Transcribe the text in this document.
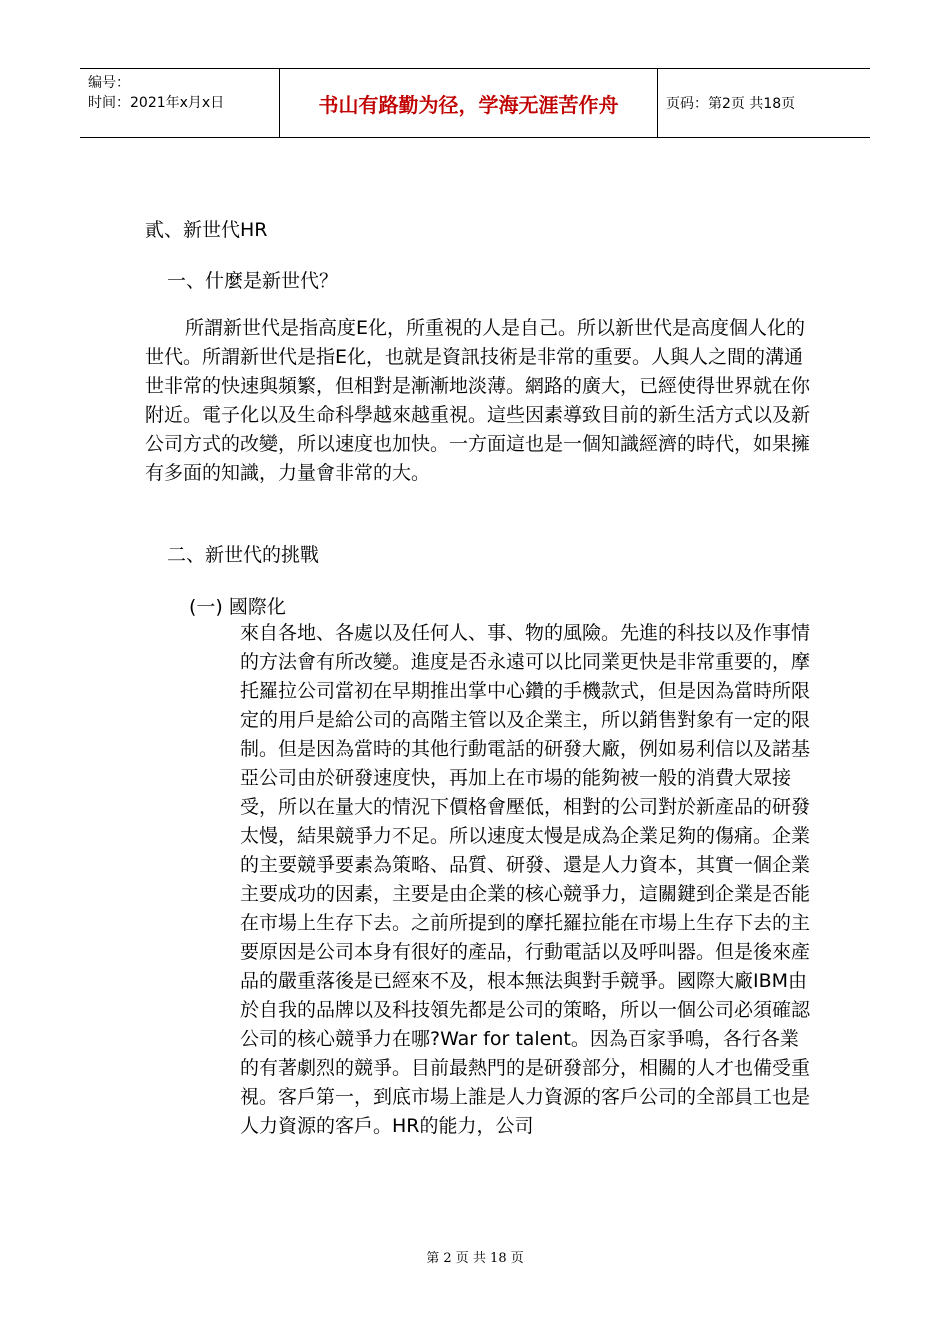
编号：
时间：2021年x月x日	书山有路勤为径，学海无涯苦作舟	页码：第2页 共18页
貳、新世代HR
一、什麼是新世代？

所謂新世代是指高度E化，所重視的人是自己。所以新世代是高度個人化的世代。所謂新世代是指E化，也就是資訊技術是非常的重要。人與人之間的溝通世非常的快速與頻繁，但相對是漸漸地淡薄。網路的廣大，已經使得世界就在你附近。電子化以及生命科學越來越重視。這些因素導致目前的新生活方式以及新公司方式的改變，所以速度也加快。一方面這也是一個知識經濟的時代，如果擁有多面的知識，力量會非常的大。

二、新世代的挑戰
(一) 國際化

來自各地、各處以及任何人、事、物的風險。先進的科技以及作事情的方法會有所改變。進度是否永遠可以比同業更快是非常重要的，摩托羅拉公司當初在早期推出掌中心鑽的手機款式，但是因為當時所限定的用戶是給公司的高階主管以及企業主，所以銷售對象有一定的限制。但是因為當時的其他行動電話的研發大廠，例如易利信以及諾基亞公司由於研發速度快，再加上在市場的能夠被一般的消費大眾接受，所以在量大的情況下價格會壓低，相對的公司對於新產品的研發太慢，結果競爭力不足。所以速度太慢是成為企業足夠的傷痛。企業的主要競爭要素為策略、品質、研發、還是人力資本，其實一個企業主要成功的因素，主要是由企業的核心競爭力，這關鍵到企業是否能在市場上生存下去。之前所提到的摩托羅拉能在市場上生存下去的主要原因是公司本身有很好的產品，行動電話以及呼叫器。但是後來產品的嚴重落後是已經來不及，根本無法與對手競爭。國際大廠IBM由於自我的品牌以及科技領先都是公司的策略，所以一個公司必須確認公司的核心競爭力在哪?War for talent。因為百家爭鳴，各行各業的有著劇烈的競爭。目前最熱門的是研發部分，相關的人才也備受重視。客戶第一，到底市場上誰是人力資源的客戶公司的全部員工也是人力資源的客戶。HR的能力，公司

第 2 页 共 18 页
